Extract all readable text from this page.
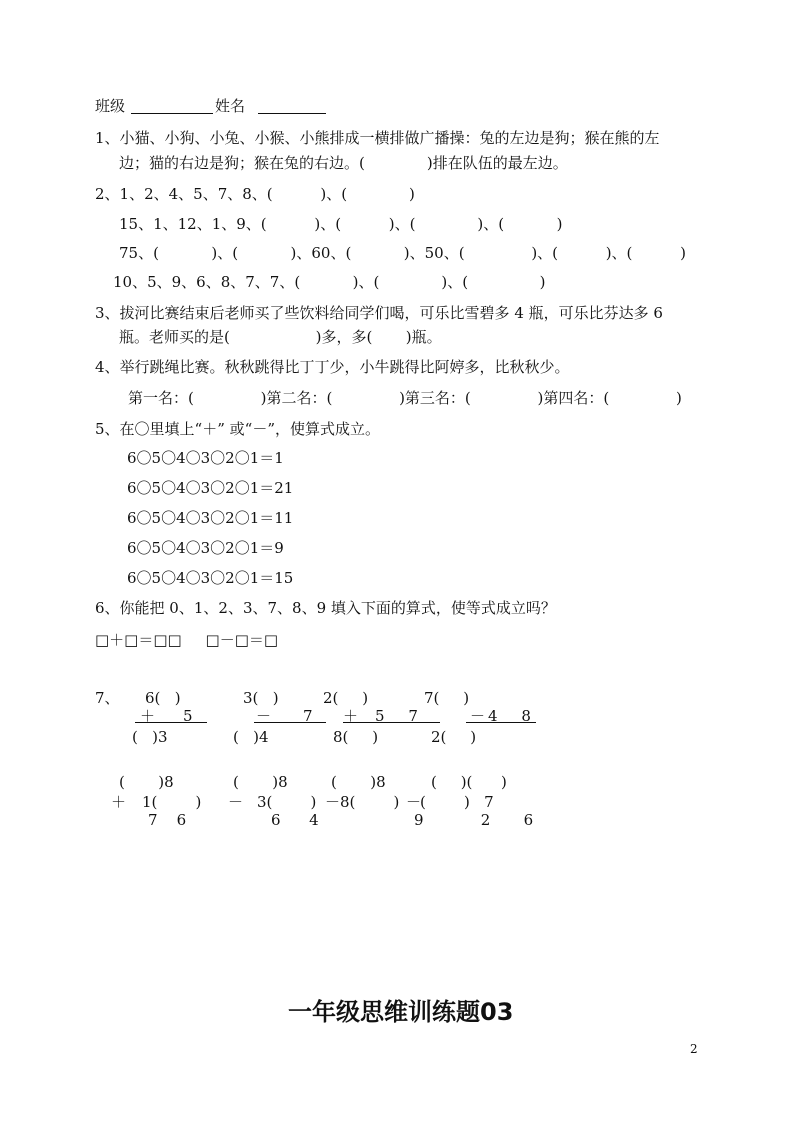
班级	姓名
1、小猫、小狗、小兔、小猴、小熊排成一横排做广播操：兔的左边是狗；猴在熊的左
边；猫的右边是狗；猴在兔的右边。(             )排在队伍的最左边。
2、1、2、4、5、7、8、(          )、(             )
15、1、12、1、9、(          )、(          )、(             )、(           )
75、(           )、(           )、60、(           )、50、(              )、(          )、(          )
10、5、9、6、8、7、7、(           )、(             )、(               )
3、拔河比赛结束后老师买了些饮料给同学们喝，可乐比雪碧多 4 瓶，可乐比芬达多 6
瓶。老师买的是(                  )多，多(       )瓶。
4、举行跳绳比赛。秋秋跳得比丁丁少，小牛跳得比阿婷多，比秋秋少。
第一名：(              )第二名：(              )第三名：(              )第四名：(              )
5、在〇里填上“＋” 或“－”，使算式成立。
6〇5〇4〇3〇2〇1＝1
6〇5〇4〇3〇2〇1＝21
6〇5〇4〇3〇2〇1＝11
6〇5〇4〇3〇2〇1＝9
6〇5〇4〇3〇2〇1＝15
6、你能把 0、1、2、3、7、8、9 填入下面的算式，使等式成立吗？
□＋□＝□□     □－□＝□
7、 6(   )
＋ 5
(   )3
3(   )
－ 7
(   )4
2(     )
＋ 5     7
8(     )
7(     )
－ 4     8
2(     )
(       )8
＋ 1(        )
7    6
(       )8
－ 3(        )
6      4
(       )8
－ 8(        )
(     )(      )
－
(        )   7
9            2       6
一年级思维训练题03
2
